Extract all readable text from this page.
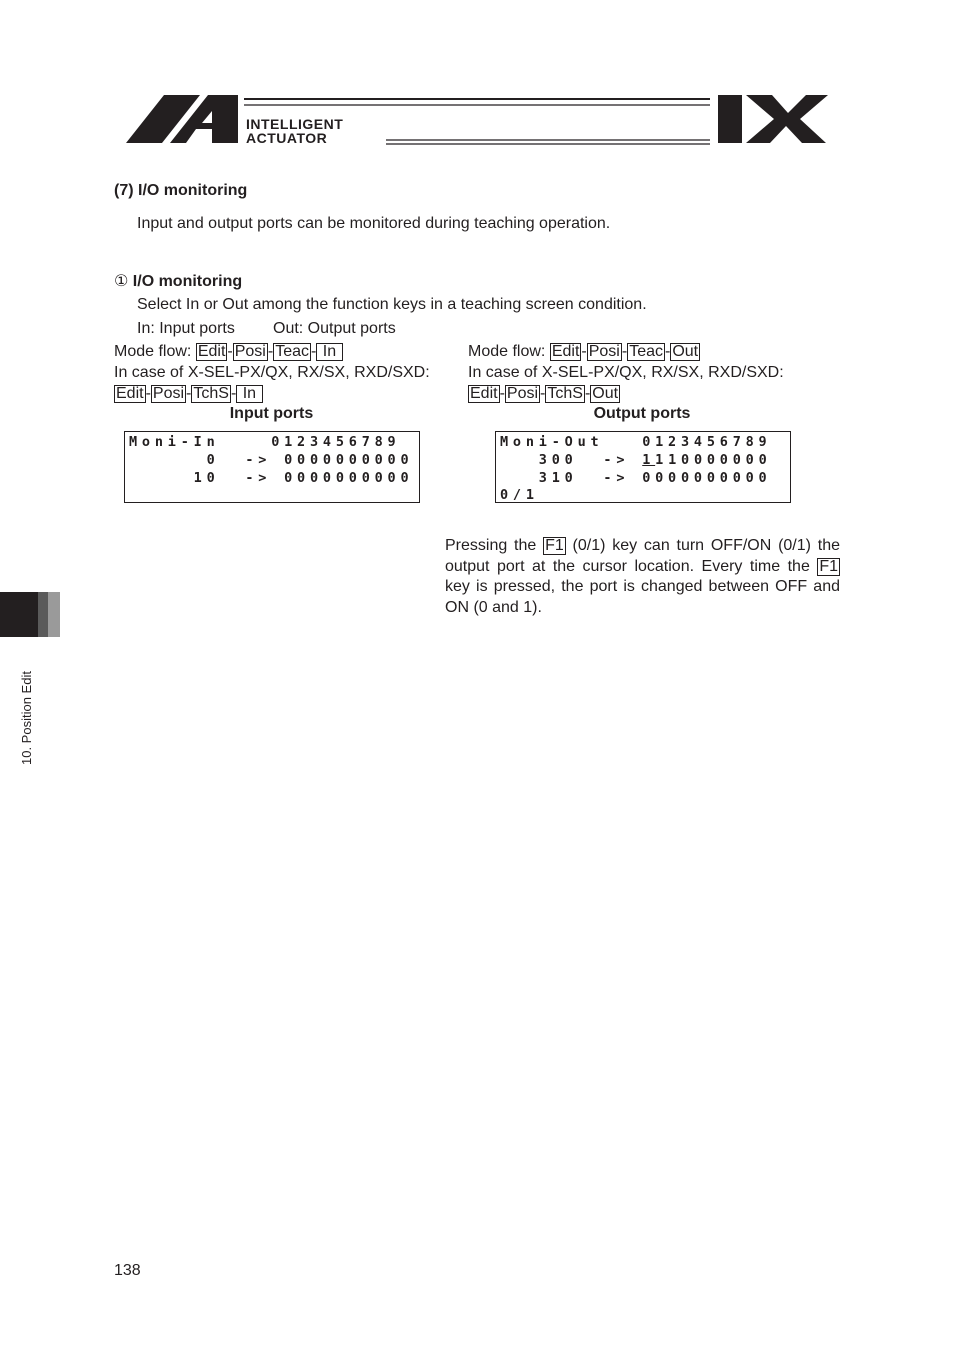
INTELLIGENT
ACTUATOR
(7) I/O monitoring
Input and output ports can be monitored during teaching operation.
① I/O monitoring
Select In or Out among the function keys in a teaching screen condition.
In: Input ports Out: Output ports
Mode flow: Edit - Posi - Teac - In
In case of X-SEL-PX/QX, RX/SX, RXD/SXD:
Edit - Posi - TchS - In
Input ports
Moni-In    0123456789
0  -> 0000000000
10  -> 0000000000
Mode flow: Edit - Posi - Teac - Out
In case of X-SEL-PX/QX, RX/SX, RXD/SXD:
Edit - Posi - TchS - Out
Output ports
Moni-Out   0123456789
300  -> 1110000000
310  -> 0000000000
0/1
Pressing the F1 (0/1) key can turn OFF/ON (0/1) the output port at the cursor location. Every time the F1 key is pressed, the port is changed between OFF and ON (0 and 1).
10. Position Edit
138
